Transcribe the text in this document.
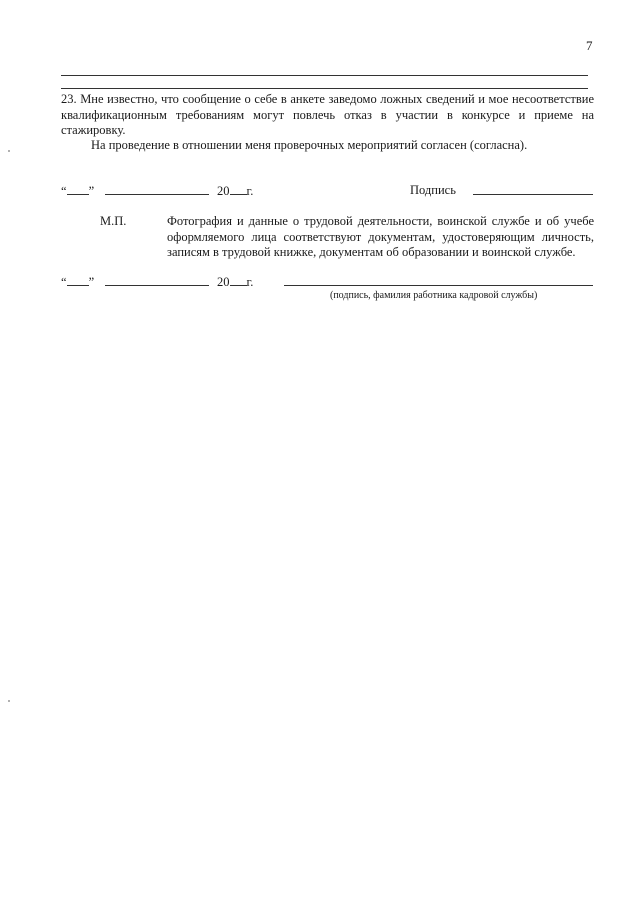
7
23. Мне известно, что сообщение о себе в анкете заведомо ложных сведений и мое несоответствие квалификационным требованиям могут повлечь отказ в участии в конкурсе и приеме на стажировку.
На проведение в отношении меня проверочных мероприятий согласен (согласна).
“ ”	20 г.	Подпись
М.П.	Фотография и данные о трудовой деятельности, воинской службе и об учебе оформляемого лица соответствуют документам, удостоверяющим личность, записям в трудовой книжке, документам об образовании и воинской службе.
“ ”	20 г.
(подпись, фамилия работника кадровой службы)
